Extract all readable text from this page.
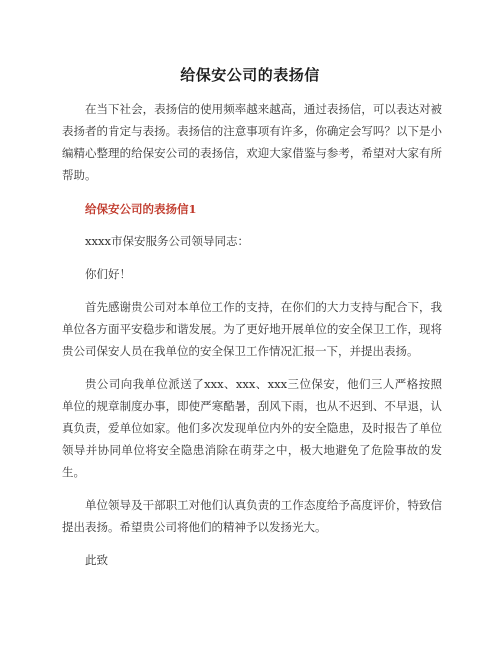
给保安公司的表扬信

在当下社会，表扬信的使用频率越来越高，通过表扬信，可以表达对被表扬者的肯定与表扬。表扬信的注意事项有许多，你确定会写吗？以下是小编精心整理的给保安公司的表扬信，欢迎大家借鉴与参考，希望对大家有所帮助。

给保安公司的表扬信1

xxxx市保安服务公司领导同志：

你们好！

首先感谢贵公司对本单位工作的支持，在你们的大力支持与配合下，我单位各方面平安稳步和谐发展。为了更好地开展单位的安全保卫工作，现将贵公司保安人员在我单位的安全保卫工作情况汇报一下，并提出表扬。

贵公司向我单位派送了xxx、xxx、xxx三位保安，他们三人严格按照单位的规章制度办事，即使严寒酷暑，刮风下雨，也从不迟到、不早退，认真负责，爱单位如家。他们多次发现单位内外的安全隐患，及时报告了单位领导并协同单位将安全隐患消除在萌芽之中，极大地避免了危险事故的发生。

单位领导及干部职工对他们认真负责的工作态度给予高度评价，特致信提出表扬。希望贵公司将他们的精神予以发扬光大。

此致
